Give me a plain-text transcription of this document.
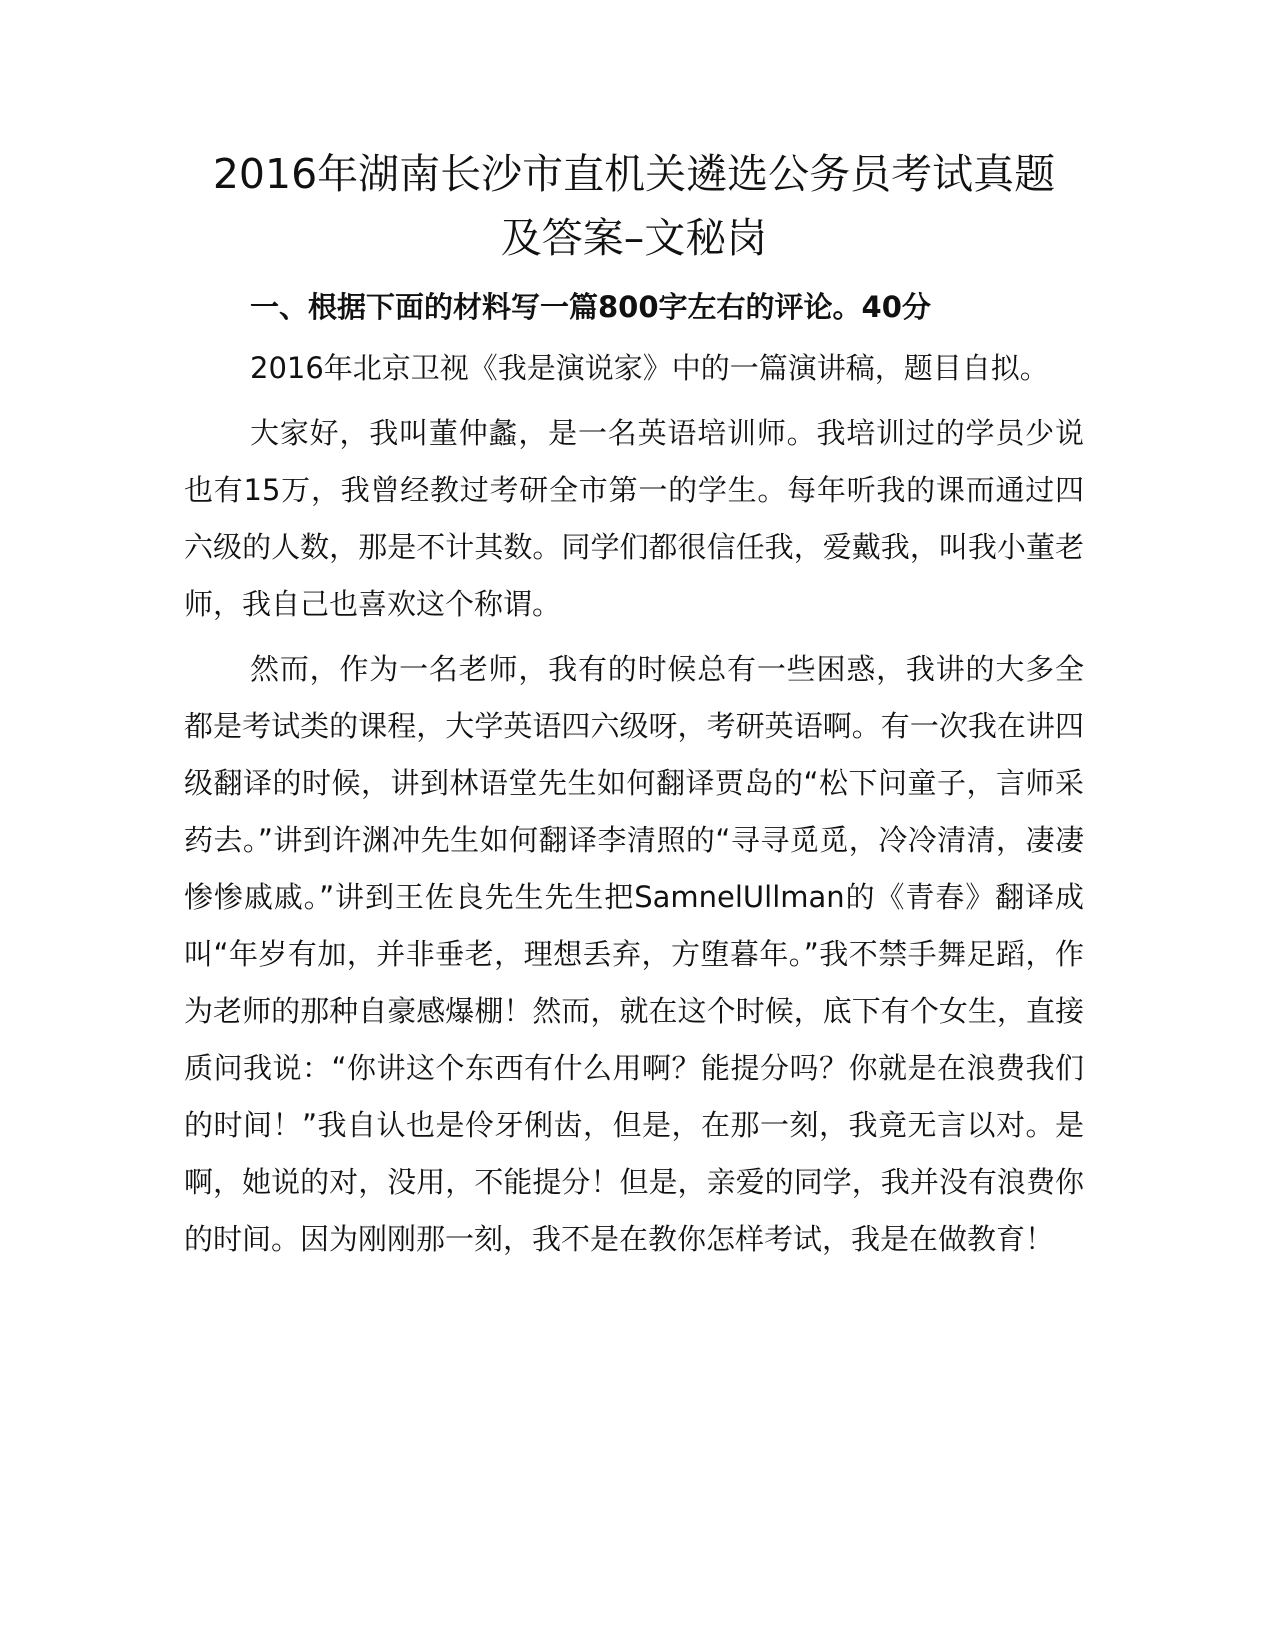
2016年湖南长沙市直机关遴选公务员考试真题
及答案–文秘岗

一、根据下面的材料写一篇800字左右的评论。40分

2016年北京卫视《我是演说家》中的一篇演讲稿，题目自拟。

大家好，我叫董仲蠡，是一名英语培训师。我培训过的学员少说也有15万，我曾经教过考研全市第一的学生。每年听我的课而通过四六级的人数，那是不计其数。同学们都很信任我，爱戴我，叫我小董老师，我自己也喜欢这个称谓。

然而，作为一名老师，我有的时候总有一些困惑，我讲的大多全都是考试类的课程，大学英语四六级呀，考研英语啊。有一次我在讲四级翻译的时候，讲到林语堂先生如何翻译贾岛的“松下问童子，言师采药去。”讲到许渊冲先生如何翻译李清照的“寻寻觅觅，冷冷清清，凄凄惨惨戚戚。”讲到王佐良先生先生把SamnelUllman的《青春》翻译成叫“年岁有加，并非垂老，理想丢弃，方堕暮年。”我不禁手舞足蹈，作为老师的那种自豪感爆棚！然而，就在这个时候，底下有个女生，直接质问我说：“你讲这个东西有什么用啊？能提分吗？你就是在浪费我们的时间！”我自认也是伶牙俐齿，但是，在那一刻，我竟无言以对。是啊，她说的对，没用，不能提分！但是，亲爱的同学，我并没有浪费你的时间。因为刚刚那一刻，我不是在教你怎样考试，我是在做教育！
